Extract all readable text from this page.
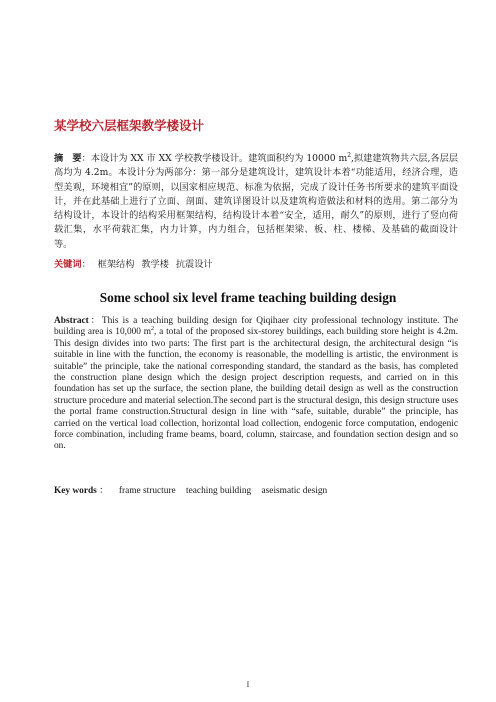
某学校六层框架教学楼设计
摘　要：本设计为 XX 市 XX 学校教学楼设计。建筑面积约为 10000 $m^2$,拟建建筑物共六层,各层层高均为 4.2m。本设计分为两部分：第一部分是建筑设计，建筑设计本着“功能适用，经济合理，造型美观，环境相宜”的原则，以国家相应规范、标准为依据，完成了设计任务书所要求的建筑平面设计，并在此基础上进行了立面、剖面、建筑详图设计以及建筑构造做法和材料的选用。第二部分为结构设计，本设计的结构采用框架结构，结构设计本着“安全，适用，耐久”的原则，进行了竖向荷载汇集，水平荷载汇集，内力计算，内力组合，包括框架梁、板、柱、楼梯、及基础的截面设计等。
关键词： 框架结构 教学楼 抗震设计
Some school six level frame teaching building design
Abstract：This is a teaching building design for Qiqihaer city professional technology institute. The building area is 10,000 $m^2$, a total of the proposed six-storey buildings, each building store height is 4.2m. This design divides into two parts: The first part is the architectural design, the architectural design “is suitable in line with the function, the economy is reasonable, the modelling is artistic, the environment is suitable” the principle, take the national corresponding standard, the standard as the basis, has completed the construction plane design which the design project description requests, and carried on in this foundation has set up the surface, the section plane, the building detail design as well as the construction structure procedure and material selection.The second part is the structural design, this design structure uses the portal frame construction.Structural design in line with “safe, suitable, durable” the principle, has carried on the vertical load collection, horizontal load collection, endogenic force computation, endogenic force combination, including frame beams, board, column, staircase, and foundation section design and so on.
Key words ： frame structure teaching building aseismatic design
I
